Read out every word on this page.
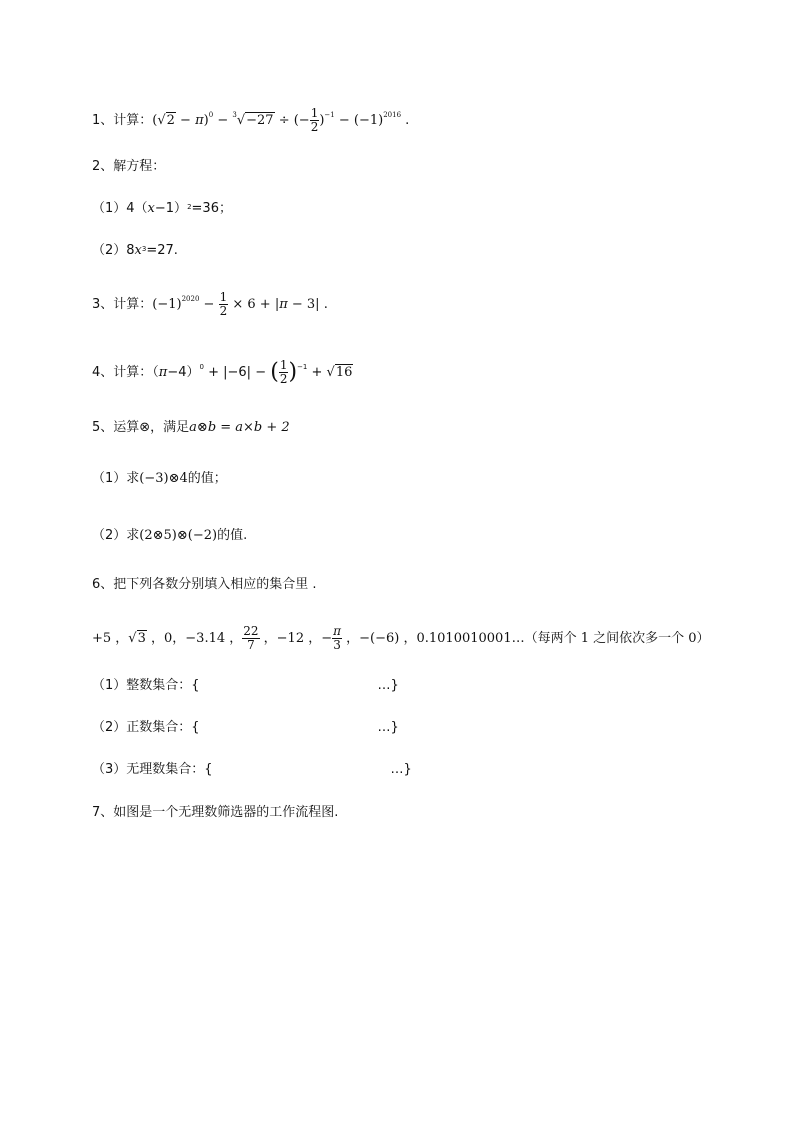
1、计算：$(√2 - \pi)^0 - ^3√-27$ ÷ (− $\frac{1}{2} )^{-1} - (-1)^{2016}$ .
2、解方程：
$(1)4(x-1)^2=36$；
$(2)8x^3=27$.
3、计算：$(-1)^{2020} - \frac{1}{2} \times 6 + |\pi - 3|$ .
4、计算：$(\pi-4)^0 + |-6|$ − ( $\frac{1}{2} )^{-1} + √16$
5、运算⊗，满足a⊗b = a×b + 2
（1）求(−3)⊗4的值；
（2）求(2⊗5)⊗(−2)的值.
6、把下列各数分别填入相应的集合里 .
+5 ，√3 ，0，−3.14 ， $\frac{22}{7}$ ，−12 ，− $\frac{\pi}{3}$ ，−(−6) ，0.1010010001…（每两个 1 之间依次多一个 0）
（1）整数集合：{	…}
（2）正数集合：{	…}
（3）无理数集合：{	…}
7、如图是一个无理数筛选器的工作流程图.
